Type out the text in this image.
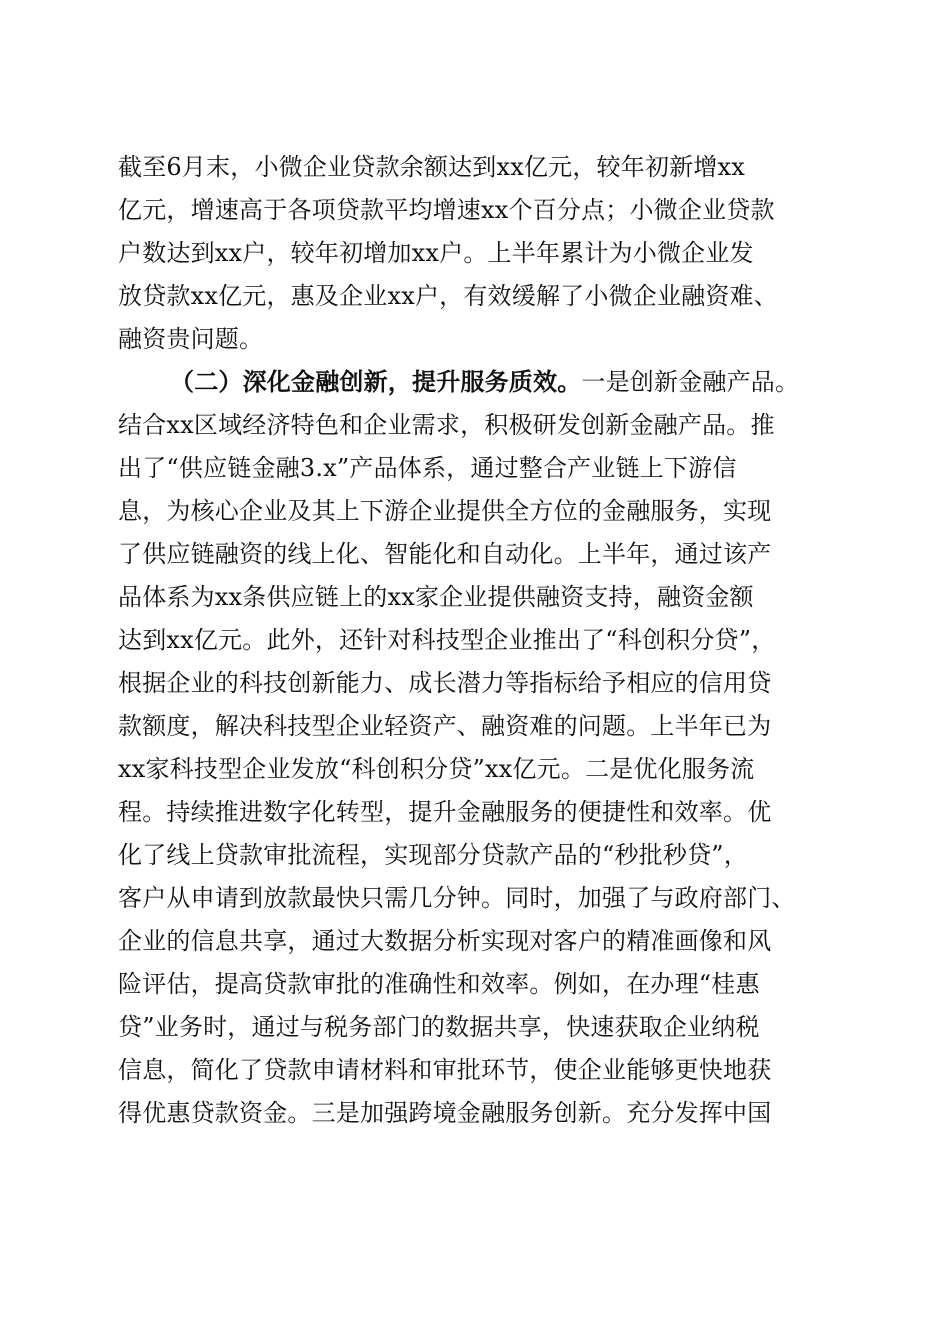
截至6月末，小微企业贷款余额达到xx亿元，较年初新增xx
亿元，增速高于各项贷款平均增速xx个百分点；小微企业贷款
户数达到xx户，较年初增加xx户。上半年累计为小微企业发
放贷款xx亿元，惠及企业xx户，有效缓解了小微企业融资难、
融资贵问题。
（二）深化金融创新，提升服务质效。一是创新金融产品。
结合xx区域经济特色和企业需求，积极研发创新金融产品。推
出了“供应链金融3.x”产品体系，通过整合产业链上下游信
息，为核心企业及其上下游企业提供全方位的金融服务，实现
了供应链融资的线上化、智能化和自动化。上半年，通过该产
品体系为xx条供应链上的xx家企业提供融资支持，融资金额
达到xx亿元。此外，还针对科技型企业推出了“科创积分贷”，
根据企业的科技创新能力、成长潜力等指标给予相应的信用贷
款额度，解决科技型企业轻资产、融资难的问题。上半年已为
xx家科技型企业发放“科创积分贷”xx亿元。二是优化服务流
程。持续推进数字化转型，提升金融服务的便捷性和效率。优
化了线上贷款审批流程，实现部分贷款产品的“秒批秒贷”，
客户从申请到放款最快只需几分钟。同时，加强了与政府部门、
企业的信息共享，通过大数据分析实现对客户的精准画像和风
险评估，提高贷款审批的准确性和效率。例如，在办理“桂惠
贷”业务时，通过与税务部门的数据共享，快速获取企业纳税
信息，简化了贷款申请材料和审批环节，使企业能够更快地获
得优惠贷款资金。三是加强跨境金融服务创新。充分发挥中国
